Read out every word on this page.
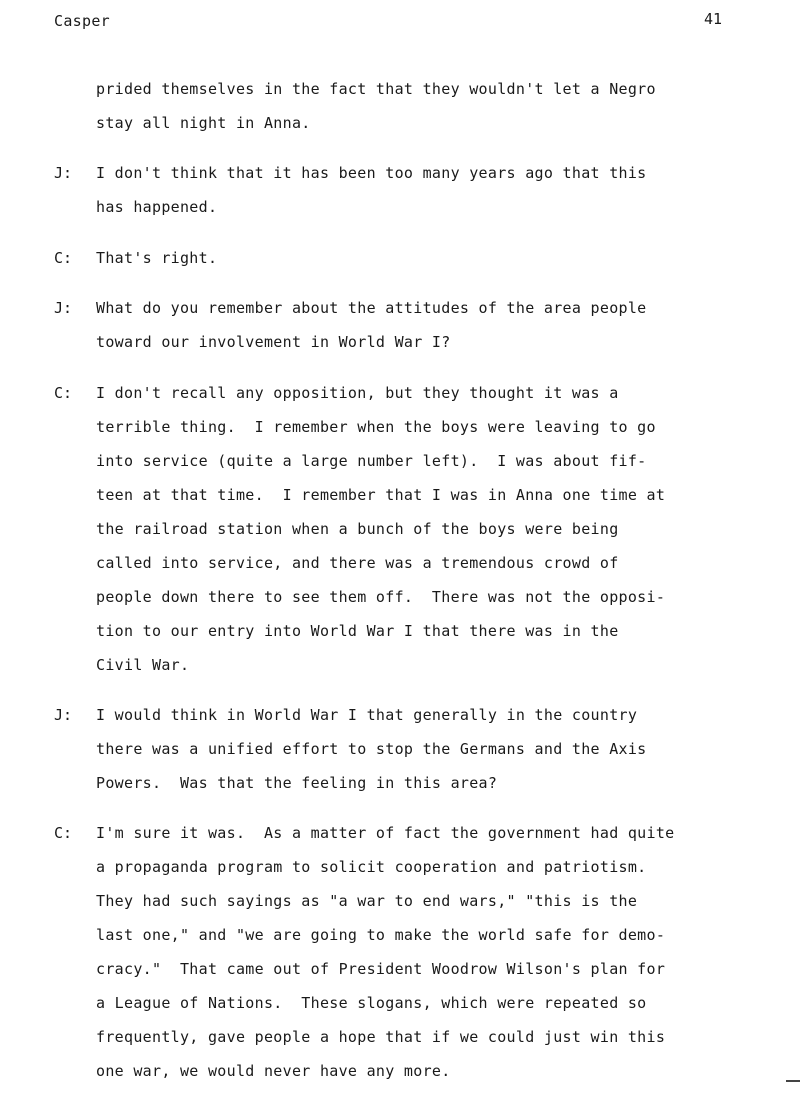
Casper	41
prided themselves in the fact that they wouldn't let a Negro
stay all night in Anna.
J: I don't think that it has been too many years ago that this
has happened.
C: That's right.
J: What do you remember about the attitudes of the area people
toward our involvement in World War I?
C: I don't recall any opposition, but they thought it was a
terrible thing.  I remember when the boys were leaving to go
into service (quite a large number left).  I was about fif-
teen at that time.  I remember that I was in Anna one time at
the railroad station when a bunch of the boys were being
called into service, and there was a tremendous crowd of
people down there to see them off.  There was not the opposi-
tion to our entry into World War I that there was in the
Civil War.
J: I would think in World War I that generally in the country
there was a unified effort to stop the Germans and the Axis
Powers.  Was that the feeling in this area?
C: I'm sure it was.  As a matter of fact the government had quite
a propaganda program to solicit cooperation and patriotism.
They had such sayings as "a war to end wars," "this is the
last one," and "we are going to make the world safe for demo-
cracy."  That came out of President Woodrow Wilson's plan for
a League of Nations.  These slogans, which were repeated so
frequently, gave people a hope that if we could just win this
one war, we would never have any more.
